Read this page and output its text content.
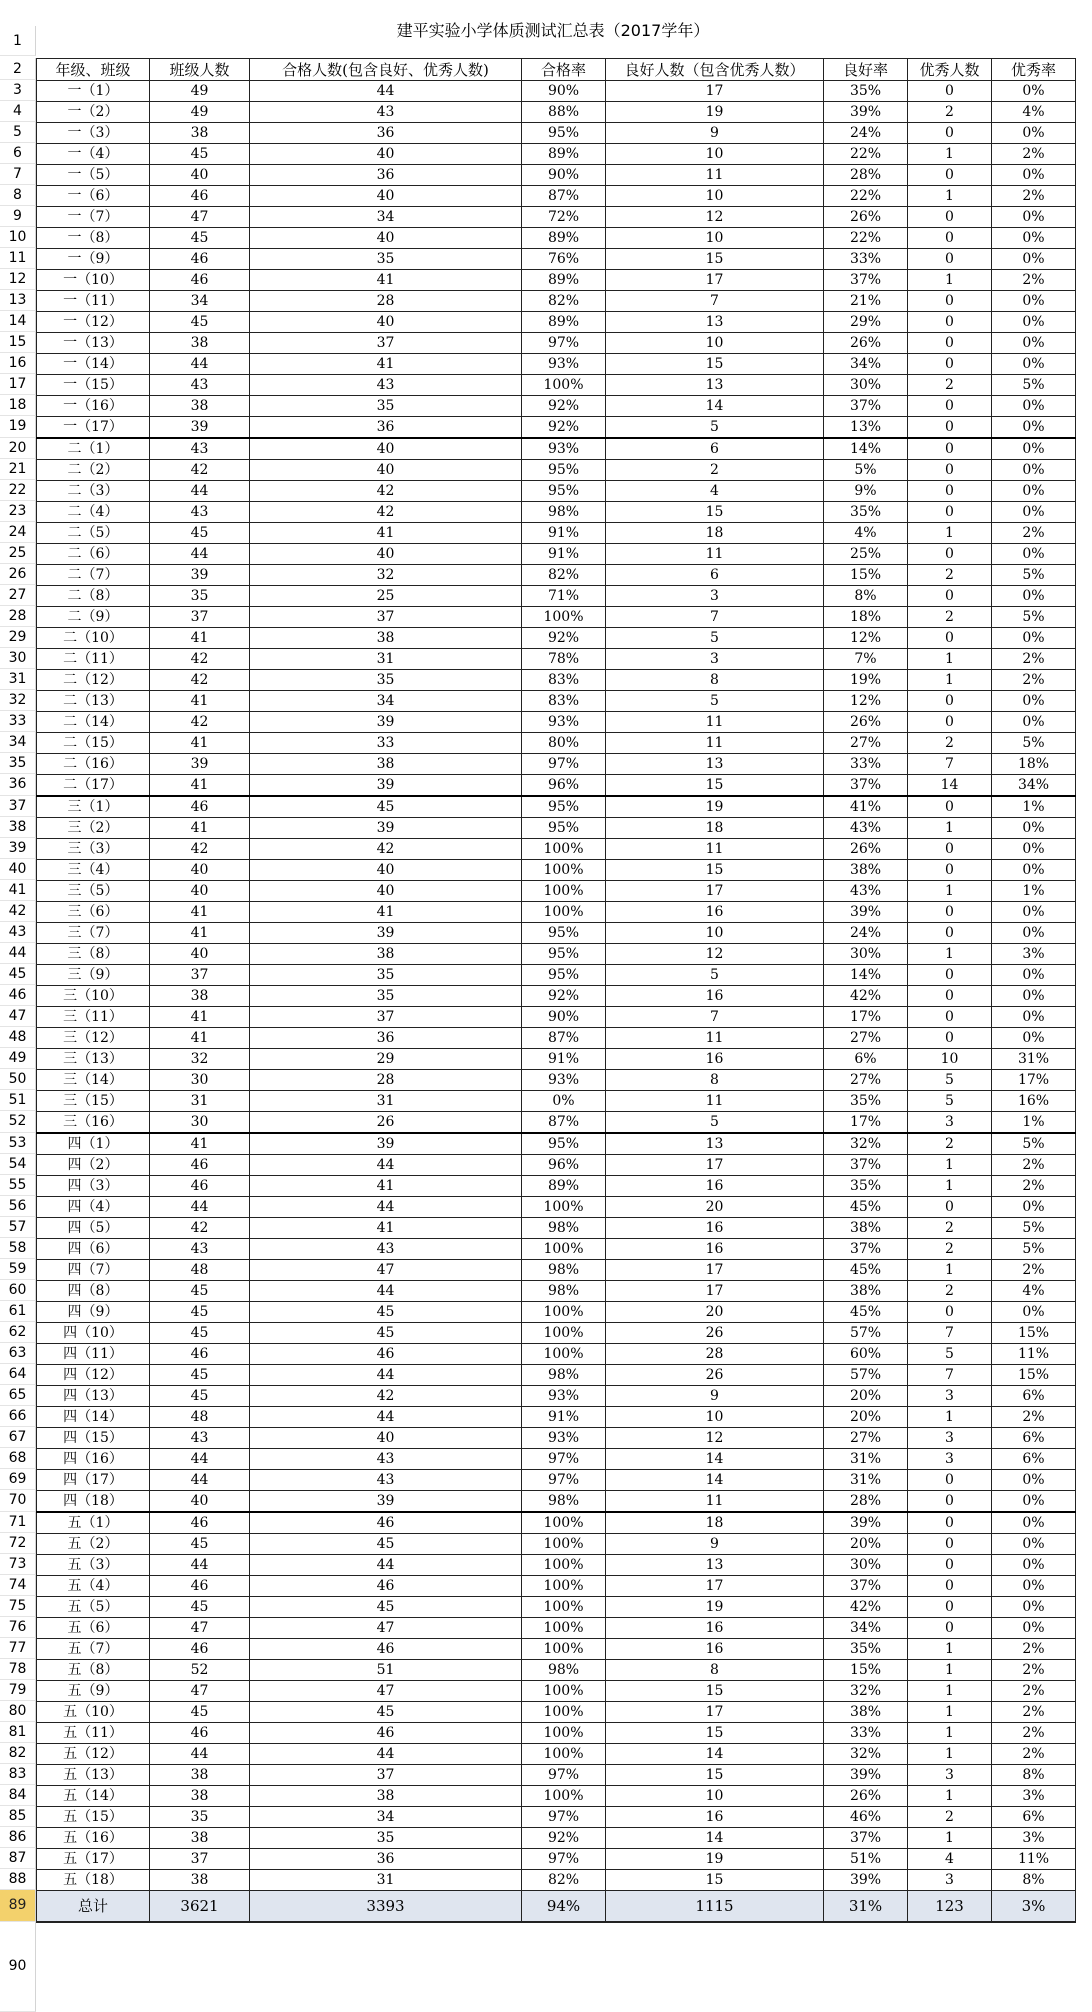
建平实验小学体质测试汇总表（2017学年）
1
2
3
4
5
6
7
8
9
10
11
12
13
14
15
16
17
18
19
20
21
22
23
24
25
26
27
28
29
30
31
32
33
34
35
36
37
38
39
40
41
42
43
44
45
46
47
48
49
50
51
52
53
54
55
56
57
58
59
60
61
62
63
64
65
66
67
68
69
70
71
72
73
74
75
76
77
78
79
80
81
82
83
84
85
86
87
88
89
90
年级、班级	班级人数	合格人数(包含良好、优秀人数)	合格率	良好人数（包含优秀人数）	良好率	优秀人数	优秀率
一（1）	49	44	90%	17	35%	0	0%
一（2）	49	43	88%	19	39%	2	4%
一（3）	38	36	95%	9	24%	0	0%
一（4）	45	40	89%	10	22%	1	2%
一（5）	40	36	90%	11	28%	0	0%
一（6）	46	40	87%	10	22%	1	2%
一（7）	47	34	72%	12	26%	0	0%
一（8）	45	40	89%	10	22%	0	0%
一（9）	46	35	76%	15	33%	0	0%
一（10）	46	41	89%	17	37%	1	2%
一（11）	34	28	82%	7	21%	0	0%
一（12）	45	40	89%	13	29%	0	0%
一（13）	38	37	97%	10	26%	0	0%
一（14）	44	41	93%	15	34%	0	0%
一（15）	43	43	100%	13	30%	2	5%
一（16）	38	35	92%	14	37%	0	0%
一（17）	39	36	92%	5	13%	0	0%
二（1）	43	40	93%	6	14%	0	0%
二（2）	42	40	95%	2	5%	0	0%
二（3）	44	42	95%	4	9%	0	0%
二（4）	43	42	98%	15	35%	0	0%
二（5）	45	41	91%	18	4%	1	2%
二（6）	44	40	91%	11	25%	0	0%
二（7）	39	32	82%	6	15%	2	5%
二（8）	35	25	71%	3	8%	0	0%
二（9）	37	37	100%	7	18%	2	5%
二（10）	41	38	92%	5	12%	0	0%
二（11）	42	31	78%	3	7%	1	2%
二（12）	42	35	83%	8	19%	1	2%
二（13）	41	34	83%	5	12%	0	0%
二（14）	42	39	93%	11	26%	0	0%
二（15）	41	33	80%	11	27%	2	5%
二（16）	39	38	97%	13	33%	7	18%
二（17）	41	39	96%	15	37%	14	34%
三（1）	46	45	95%	19	41%	0	1%
三（2）	41	39	95%	18	43%	1	0%
三（3）	42	42	100%	11	26%	0	0%
三（4）	40	40	100%	15	38%	0	0%
三（5）	40	40	100%	17	43%	1	1%
三（6）	41	41	100%	16	39%	0	0%
三（7）	41	39	95%	10	24%	0	0%
三（8）	40	38	95%	12	30%	1	3%
三（9）	37	35	95%	5	14%	0	0%
三（10）	38	35	92%	16	42%	0	0%
三（11）	41	37	90%	7	17%	0	0%
三（12）	41	36	87%	11	27%	0	0%
三（13）	32	29	91%	16	6%	10	31%
三（14）	30	28	93%	8	27%	5	17%
三（15）	31	31	0%	11	35%	5	16%
三（16）	30	26	87%	5	17%	3	1%
四（1）	41	39	95%	13	32%	2	5%
四（2）	46	44	96%	17	37%	1	2%
四（3）	46	41	89%	16	35%	1	2%
四（4）	44	44	100%	20	45%	0	0%
四（5）	42	41	98%	16	38%	2	5%
四（6）	43	43	100%	16	37%	2	5%
四（7）	48	47	98%	17	45%	1	2%
四（8）	45	44	98%	17	38%	2	4%
四（9）	45	45	100%	20	45%	0	0%
四（10）	45	45	100%	26	57%	7	15%
四（11）	46	46	100%	28	60%	5	11%
四（12）	45	44	98%	26	57%	7	15%
四（13）	45	42	93%	9	20%	3	6%
四（14）	48	44	91%	10	20%	1	2%
四（15）	43	40	93%	12	27%	3	6%
四（16）	44	43	97%	14	31%	3	6%
四（17）	44	43	97%	14	31%	0	0%
四（18）	40	39	98%	11	28%	0	0%
五（1）	46	46	100%	18	39%	0	0%
五（2）	45	45	100%	9	20%	0	0%
五（3）	44	44	100%	13	30%	0	0%
五（4）	46	46	100%	17	37%	0	0%
五（5）	45	45	100%	19	42%	0	0%
五（6）	47	47	100%	16	34%	0	0%
五（7）	46	46	100%	16	35%	1	2%
五（8）	52	51	98%	8	15%	1	2%
五（9）	47	47	100%	15	32%	1	2%
五（10）	45	45	100%	17	38%	1	2%
五（11）	46	46	100%	15	33%	1	2%
五（12）	44	44	100%	14	32%	1	2%
五（13）	38	37	97%	15	39%	3	8%
五（14）	38	38	100%	10	26%	1	3%
五（15）	35	34	97%	16	46%	2	6%
五（16）	38	35	92%	14	37%	1	3%
五（17）	37	36	97%	19	51%	4	11%
五（18）	38	31	82%	15	39%	3	8%
总计	3621	3393	94%	1115	31%	123	3%
